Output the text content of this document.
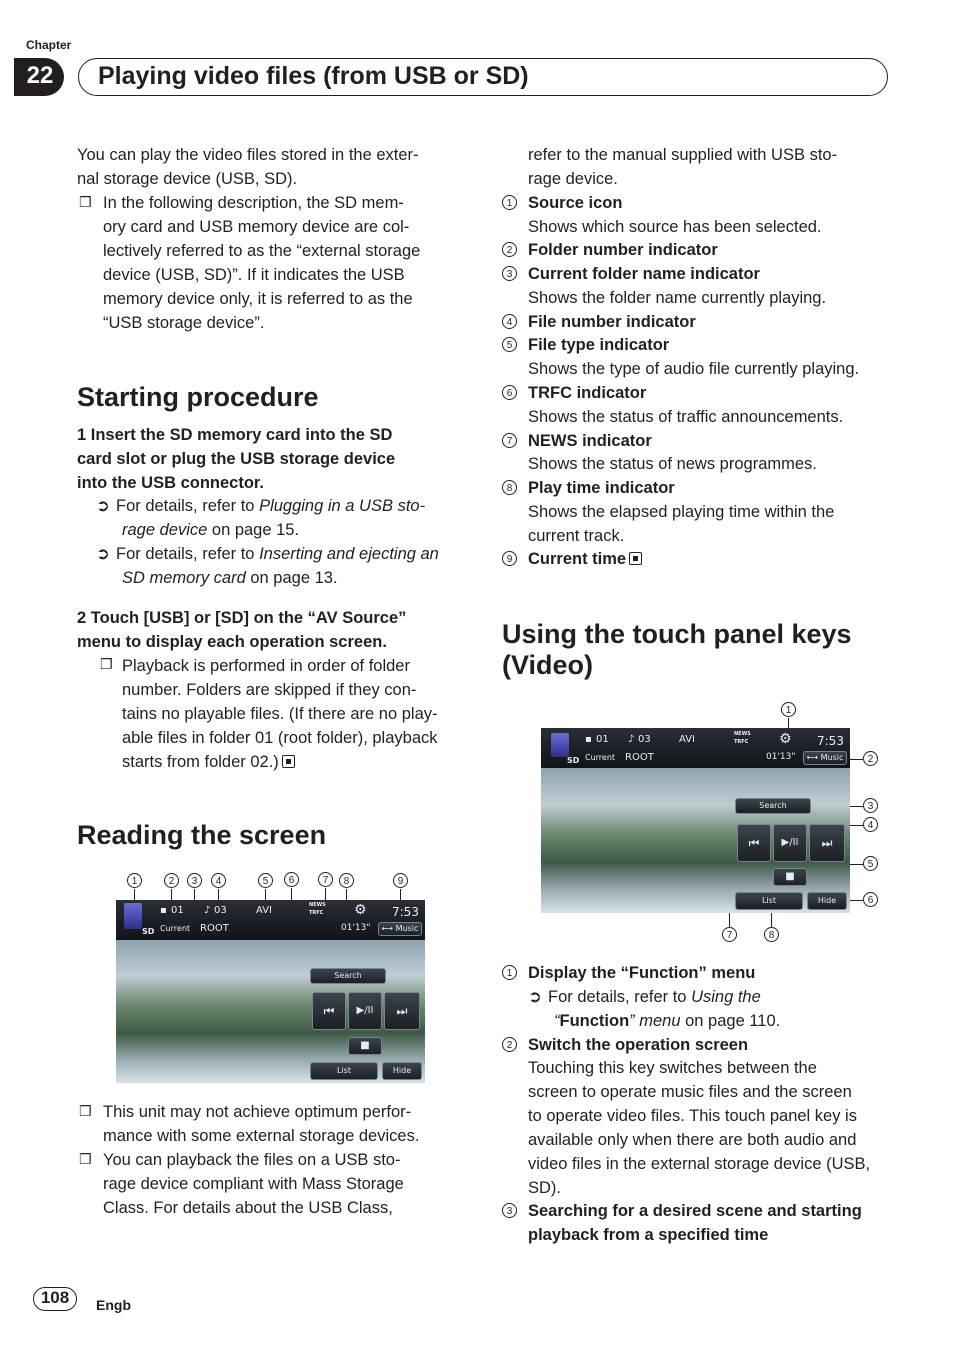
Chapter
22 Playing video files (from USB or SD)
You can play the video files stored in the exter-
nal storage device (USB, SD).
❒ In the following description, the SD mem-
ory card and USB memory device are col-
lectively referred to as the “external storage
device (USB, SD)”. If it indicates the USB
memory device only, it is referred to as the
“USB storage device”.
Starting procedure
1 Insert the SD memory card into the SD
card slot or plug the USB storage device
into the USB connector.
➲ For details, refer to Plugging in a USB sto-
rage device on page 15.
➲ For details, refer to Inserting and ejecting an
SD memory card on page 13.
2 Touch [USB] or [SD] on the “AV Source”
menu to display each operation screen.
❒ Playback is performed in order of folder
number. Folders are skipped if they con-
tains no playable files. (If there are no play-
able files in folder 01 (root folder), playback
starts from folder 02.)
Reading the screen
1	2	3	4	5	6	7	8	9
SD
▪ 01 ♪ 03	AVI	NEWS
TRFC ⚙ 7:53
Current ROOT	01'13"	⟷ Music
Search
⏮	▶/II	⏭
■
List	Hide
❒ This unit may not achieve optimum perfor-
mance with some external storage devices.
❒ You can playback the files on a USB sto-
rage device compliant with Mass Storage
Class. For details about the USB Class,
refer to the manual supplied with USB sto-
rage device.
1 Source icon
Shows which source has been selected.
2 Folder number indicator
3 Current folder name indicator
Shows the folder name currently playing.
4 File number indicator
5 File type indicator
Shows the type of audio file currently playing.
6 TRFC indicator
Shows the status of traffic announcements.
7 NEWS indicator
Shows the status of news programmes.
8 Play time indicator
Shows the elapsed playing time within the
current track.
9 Current time
Using the touch panel keys
(Video)
1
2
3
4
5
6
7	8
SD
▪ 01 ♪ 03	AVI	NEWS
TRFC ⚙ 7:53
Current ROOT	01'13"	⟷ Music
Search
⏮	▶/II	⏭
■
List	Hide
1 Display the “Function” menu
➲ For details, refer to Using the
“Function” menu on page 110.
2 Switch the operation screen
Touching this key switches between the
screen to operate music files and the screen
to operate video files. This touch panel key is
available only when there are both audio and
video files in the external storage device (USB,
SD).
3 Searching for a desired scene and starting
playback from a specified time
108	Engb
